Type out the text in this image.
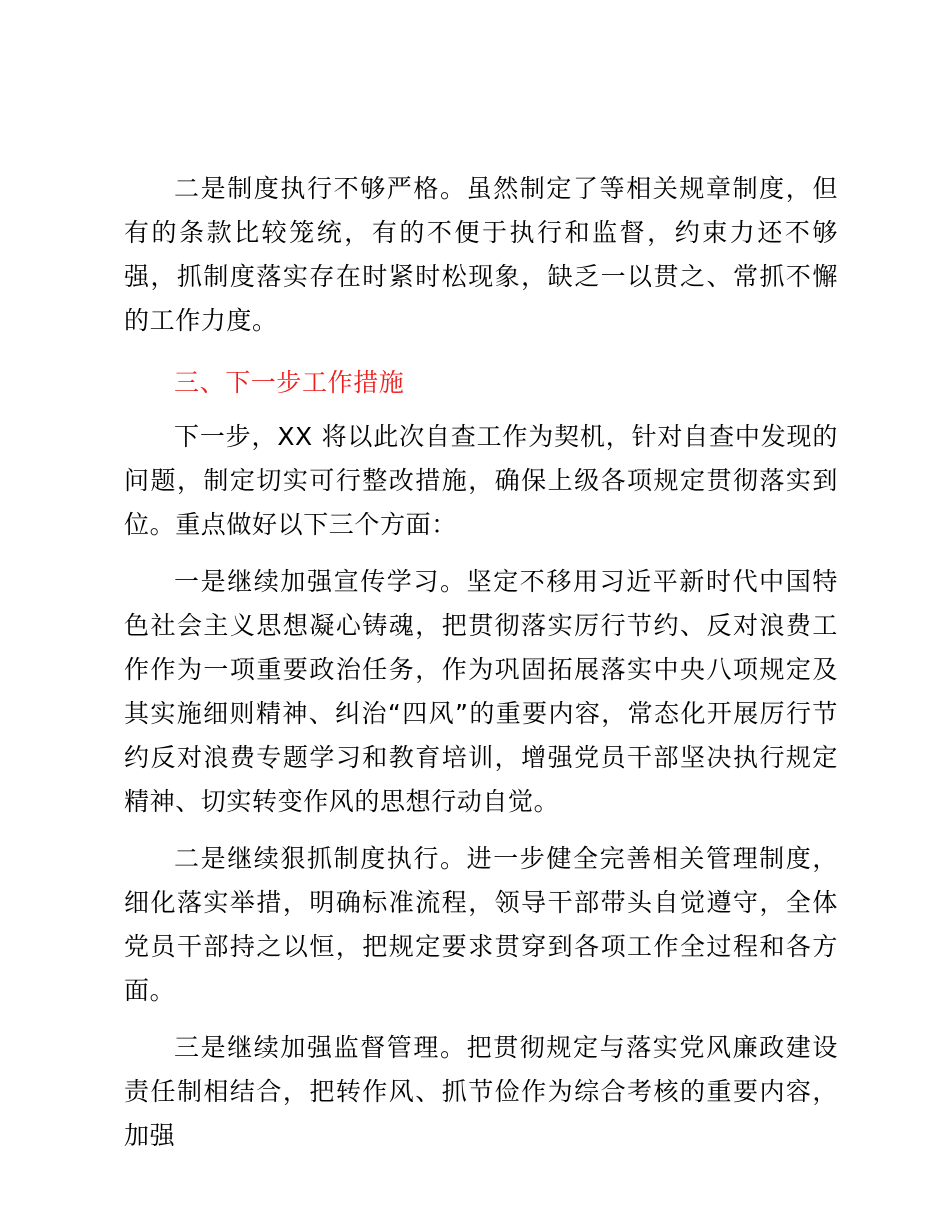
二是制度执行不够严格。虽然制定了等相关规章制度，但有的条款比较笼统，有的不便于执行和监督，约束力还不够强，抓制度落实存在时紧时松现象，缺乏一以贯之、常抓不懈的工作力度。

三、下一步工作措施

下一步，XX 将以此次自查工作为契机，针对自查中发现的问题，制定切实可行整改措施，确保上级各项规定贯彻落实到位。重点做好以下三个方面：

一是继续加强宣传学习。坚定不移用习近平新时代中国特色社会主义思想凝心铸魂，把贯彻落实厉行节约、反对浪费工作作为一项重要政治任务，作为巩固拓展落实中央八项规定及其实施细则精神、纠治“四风”的重要内容，常态化开展厉行节约反对浪费专题学习和教育培训，增强党员干部坚决执行规定精神、切实转变作风的思想行动自觉。

二是继续狠抓制度执行。进一步健全完善相关管理制度，细化落实举措，明确标准流程，领导干部带头自觉遵守，全体党员干部持之以恒，把规定要求贯穿到各项工作全过程和各方面。

三是继续加强监督管理。把贯彻规定与落实党风廉政建设责任制相结合，把转作风、抓节俭作为综合考核的重要内容，加强
